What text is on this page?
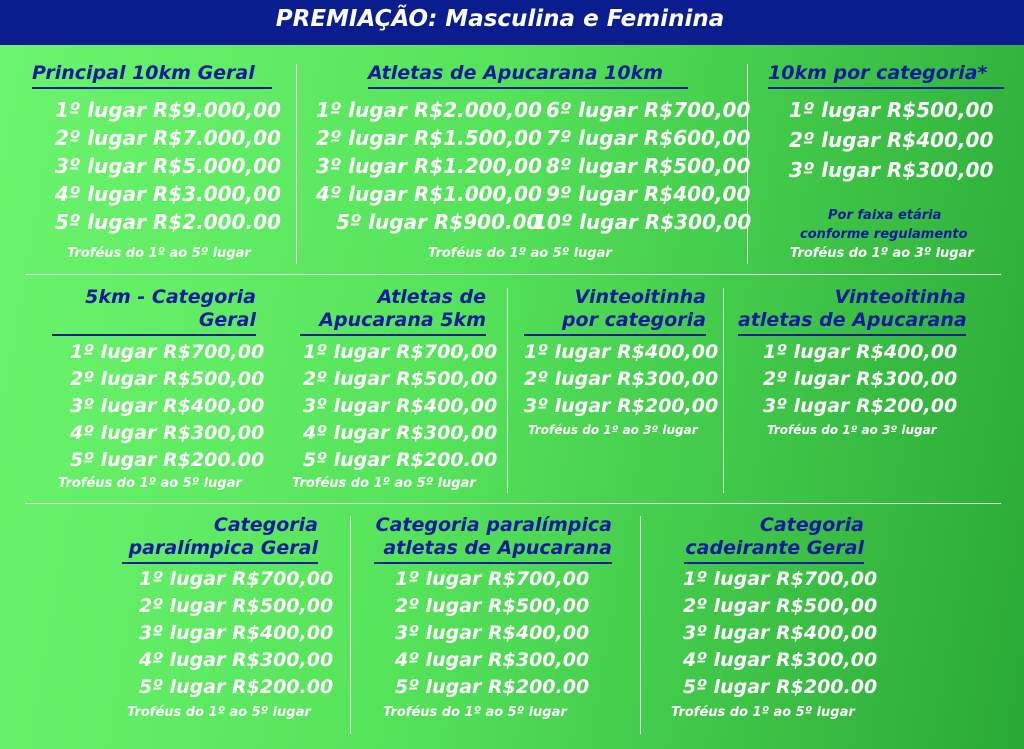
PREMIAÇÃO: Masculina e Feminina
Principal 10km Geral
1º lugar R$9.000,00
2º lugar R$7.000,00
3º lugar R$5.000,00
4º lugar R$3.000,00
5º lugar R$2.000.00
Troféus do 1º ao 5º lugar
Atletas de Apucarana 10km
1º lugar R$2.000,00
2º lugar R$1.500,00
3º lugar R$1.200,00
4º lugar R$1.000,00
5º lugar R$900.00
6º lugar R$700,00
7º lugar R$600,00
8º lugar R$500,00
9º lugar R$400,00
10º lugar R$300,00
Troféus do 1º ao 5º lugar
10km por categoria*
1º lugar R$500,00
2º lugar R$400,00
3º lugar R$300,00
Por faixa etária
conforme regulamento
Troféus do 1º ao 3º lugar
5km - Categoria
Geral
1º lugar R$700,00
2º lugar R$500,00
3º lugar R$400,00
4º lugar R$300,00
5º lugar R$200.00
Troféus do 1º ao 5º lugar
Atletas de
Apucarana 5km
1º lugar R$700,00
2º lugar R$500,00
3º lugar R$400,00
4º lugar R$300,00
5º lugar R$200.00
Troféus do 1º ao 5º lugar
Vinteoitinha
por categoria
1º lugar R$400,00
2º lugar R$300,00
3º lugar R$200,00
Troféus do 1º ao 3º lugar
Vinteoitinha
atletas de Apucarana
1º lugar R$400,00
2º lugar R$300,00
3º lugar R$200,00
Troféus do 1º ao 3º lugar
Categoria
paralímpica Geral
1º lugar R$700,00
2º lugar R$500,00
3º lugar R$400,00
4º lugar R$300,00
5º lugar R$200.00
Troféus do 1º ao 5º lugar
Categoria paralímpica
atletas de Apucarana
1º lugar R$700,00
2º lugar R$500,00
3º lugar R$400,00
4º lugar R$300,00
5º lugar R$200.00
Troféus do 1º ao 5º lugar
Categoria
cadeirante Geral
1º lugar R$700,00
2º lugar R$500,00
3º lugar R$400,00
4º lugar R$300,00
5º lugar R$200.00
Troféus do 1º ao 5º lugar
